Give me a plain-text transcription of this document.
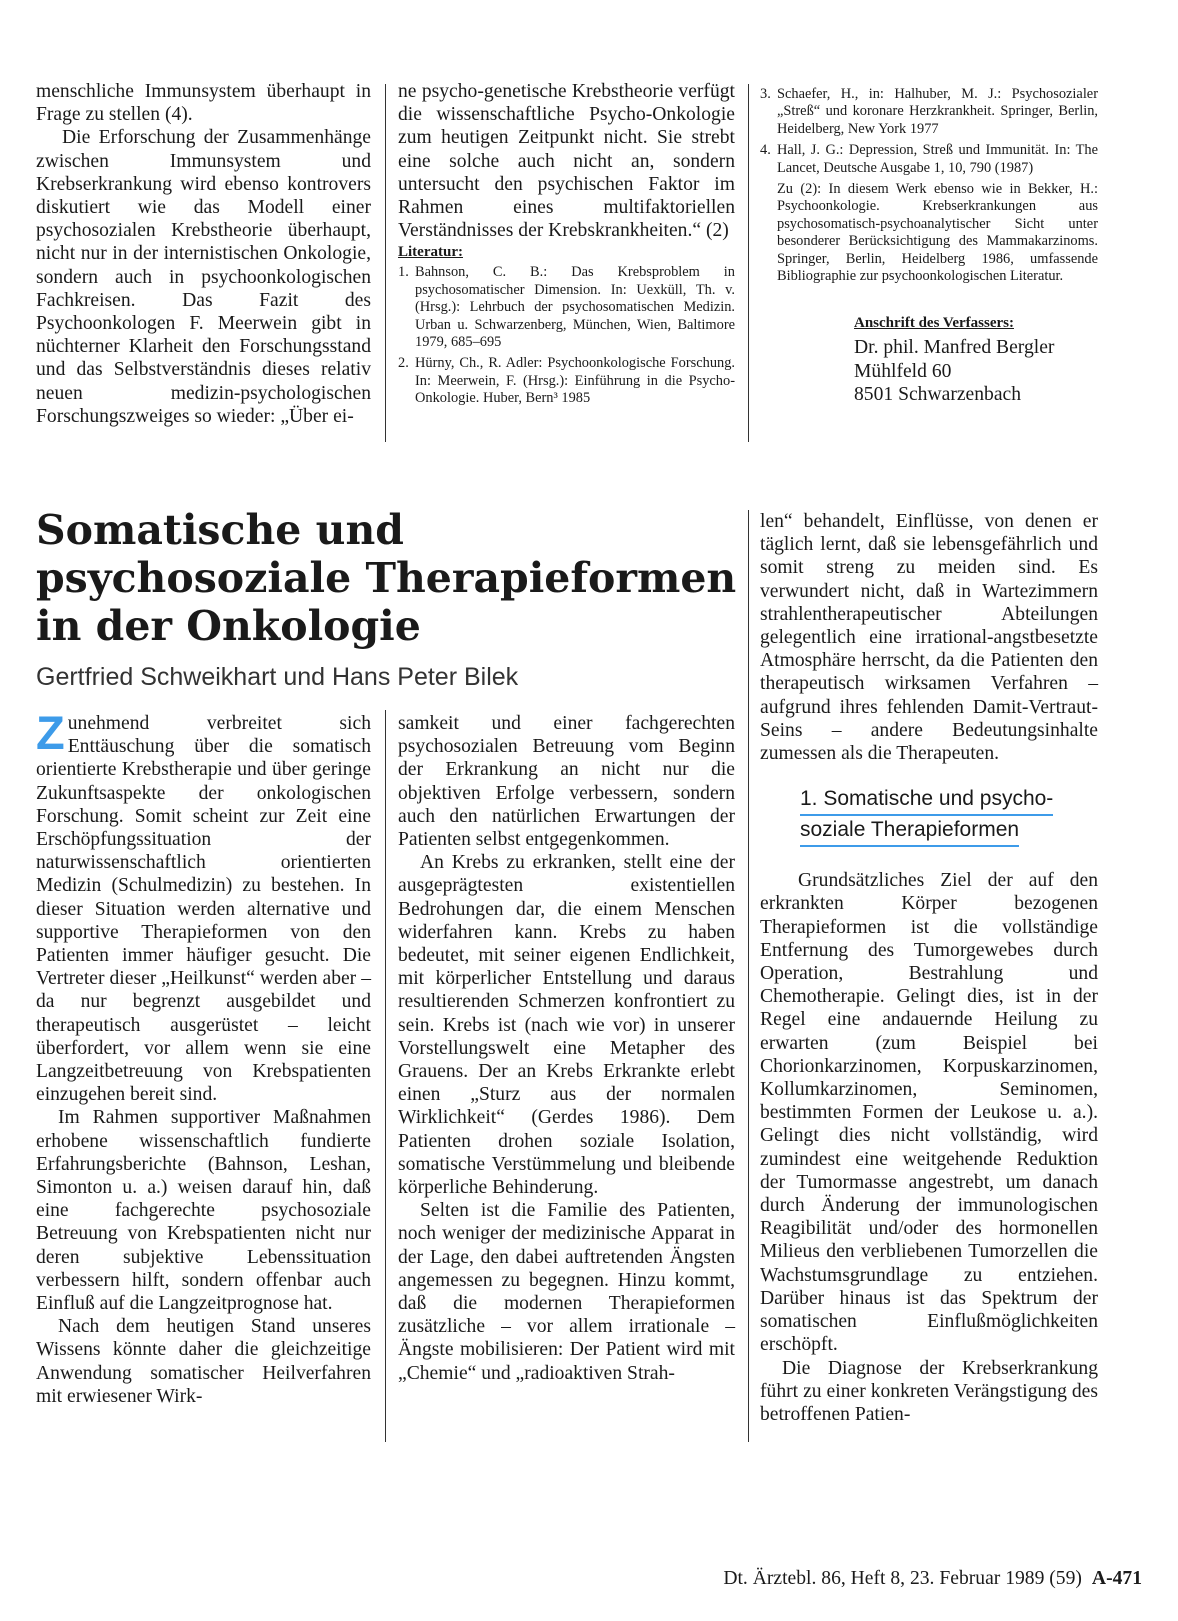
menschliche Immunsystem überhaupt in Frage zu stellen (4).

Die Erforschung der Zusammenhänge zwischen Immunsystem und Krebserkrankung wird ebenso kontrovers diskutiert wie das Modell einer psychosozialen Krebstheorie überhaupt, nicht nur in der internistischen Onkologie, sondern auch in psychoonkologischen Fachkreisen. Das Fazit des Psychoonkologen F. Meerwein gibt in nüchterner Klarheit den Forschungsstand und das Selbstverständnis dieses relativ neuen medizin-psychologischen Forschungszweiges so wieder: „Über ei-

ne psycho-genetische Krebstheorie verfügt die wissenschaftliche Psycho-Onkologie zum heutigen Zeitpunkt nicht. Sie strebt eine solche auch nicht an, sondern untersucht den psychischen Faktor im Rahmen eines multifaktoriellen Verständnisses der Krebskrankheiten.“ (2)
Literatur:
1. Bahnson, C. B.: Das Krebsproblem in psychosomatischer Dimension. In: Uexküll, Th. v. (Hrsg.): Lehrbuch der psychosomatischen Medizin. Urban u. Schwarzenberg, München, Wien, Baltimore 1979, 685–695
2. Hürny, Ch., R. Adler: Psychoonkologische Forschung. In: Meerwein, F. (Hrsg.): Einführung in die Psycho-Onkologie. Huber, Bern³ 1985
3. Schaefer, H., in: Halhuber, M. J.: Psychosozialer „Streß“ und koronare Herzkrankheit. Springer, Berlin, Heidelberg, New York 1977
4. Hall, J. G.: Depression, Streß und Immunität. In: The Lancet, Deutsche Ausgabe 1, 10, 790 (1987)

Zu (2): In diesem Werk ebenso wie in Bekker, H.: Psychoonkologie. Krebserkrankungen aus psychosomatisch-psychoanalytischer Sicht unter besonderer Berücksichtigung des Mammakarzinoms. Springer, Berlin, Heidelberg 1986, umfassende Bibliographie zur psychoonkologischen Literatur.

Anschrift des Verfassers:

Dr. phil. Manfred Bergler
Mühlfeld 60
8501 Schwarzenbach
Somatische und
psychosoziale Therapieformen
in der Onkologie

Gertfried Schweikhart und Hans Peter Bilek

Zunehmend verbreitet sich Enttäuschung über die somatisch orientierte Krebstherapie und über geringe Zukunftsaspekte der onkologischen Forschung. Somit scheint zur Zeit eine Erschöpfungssituation der naturwissenschaftlich orientierten Medizin (Schulmedizin) zu bestehen. In dieser Situation werden alternative und supportive Therapieformen von den Patienten immer häufiger gesucht. Die Vertreter dieser „Heilkunst“ werden aber – da nur begrenzt ausgebildet und therapeutisch ausgerüstet – leicht überfordert, vor allem wenn sie eine Langzeitbetreuung von Krebspatienten einzugehen bereit sind.

Im Rahmen supportiver Maßnahmen erhobene wissenschaftlich fundierte Erfahrungsberichte (Bahnson, Leshan, Simonton u. a.) weisen darauf hin, daß eine fachgerechte psychosoziale Betreuung von Krebspatienten nicht nur deren subjektive Lebenssituation verbessern hilft, sondern offenbar auch Einfluß auf die Langzeitprognose hat.

Nach dem heutigen Stand unseres Wissens könnte daher die gleichzeitige Anwendung somatischer Heilverfahren mit erwiesener Wirk-

samkeit und einer fachgerechten psychosozialen Betreuung vom Beginn der Erkrankung an nicht nur die objektiven Erfolge verbessern, sondern auch den natürlichen Erwartungen der Patienten selbst entgegenkommen.

An Krebs zu erkranken, stellt eine der ausgeprägtesten existentiellen Bedrohungen dar, die einem Menschen widerfahren kann. Krebs zu haben bedeutet, mit seiner eigenen Endlichkeit, mit körperlicher Entstellung und daraus resultierenden Schmerzen konfrontiert zu sein. Krebs ist (nach wie vor) in unserer Vorstellungswelt eine Metapher des Grauens. Der an Krebs Erkrankte erlebt einen „Sturz aus der normalen Wirklichkeit“ (Gerdes 1986). Dem Patienten drohen soziale Isolation, somatische Verstümmelung und bleibende körperliche Behinderung.

Selten ist die Familie des Patienten, noch weniger der medizinische Apparat in der Lage, den dabei auftretenden Ängsten angemessen zu begegnen. Hinzu kommt, daß die modernen Therapieformen zusätzliche – vor allem irrationale – Ängste mobilisieren: Der Patient wird mit „Chemie“ und „radioaktiven Strah-

len“ behandelt, Einflüsse, von denen er täglich lernt, daß sie lebensgefährlich und somit streng zu meiden sind. Es verwundert nicht, daß in Wartezimmern strahlentherapeutischer Abteilungen gelegentlich eine irrational-angstbesetzte Atmosphäre herrscht, da die Patienten den therapeutisch wirksamen Verfahren – aufgrund ihres fehlenden Damit-Vertraut-Seins – andere Bedeutungsinhalte zumessen als die Therapeuten.
1. Somatische und psycho-
soziale Therapieformen

Grundsätzliches Ziel der auf den erkrankten Körper bezogenen Therapieformen ist die vollständige Entfernung des Tumorgewebes durch Operation, Bestrahlung und Chemotherapie. Gelingt dies, ist in der Regel eine andauernde Heilung zu erwarten (zum Beispiel bei Chorionkarzinomen, Korpuskarzinomen, Kollumkarzinomen, Seminomen, bestimmten Formen der Leukose u. a.). Gelingt dies nicht vollständig, wird zumindest eine weitgehende Reduktion der Tumormasse angestrebt, um danach durch Änderung der immunologischen Reagibilität und/oder des hormonellen Milieus den verbliebenen Tumorzellen die Wachstumsgrundlage zu entziehen. Darüber hinaus ist das Spektrum der somatischen Einflußmöglichkeiten erschöpft.

Die Diagnose der Krebserkrankung führt zu einer konkreten Verängstigung des betroffenen Patien-

Dt. Ärztebl. 86, Heft 8, 23. Februar 1989 (59) A-471
